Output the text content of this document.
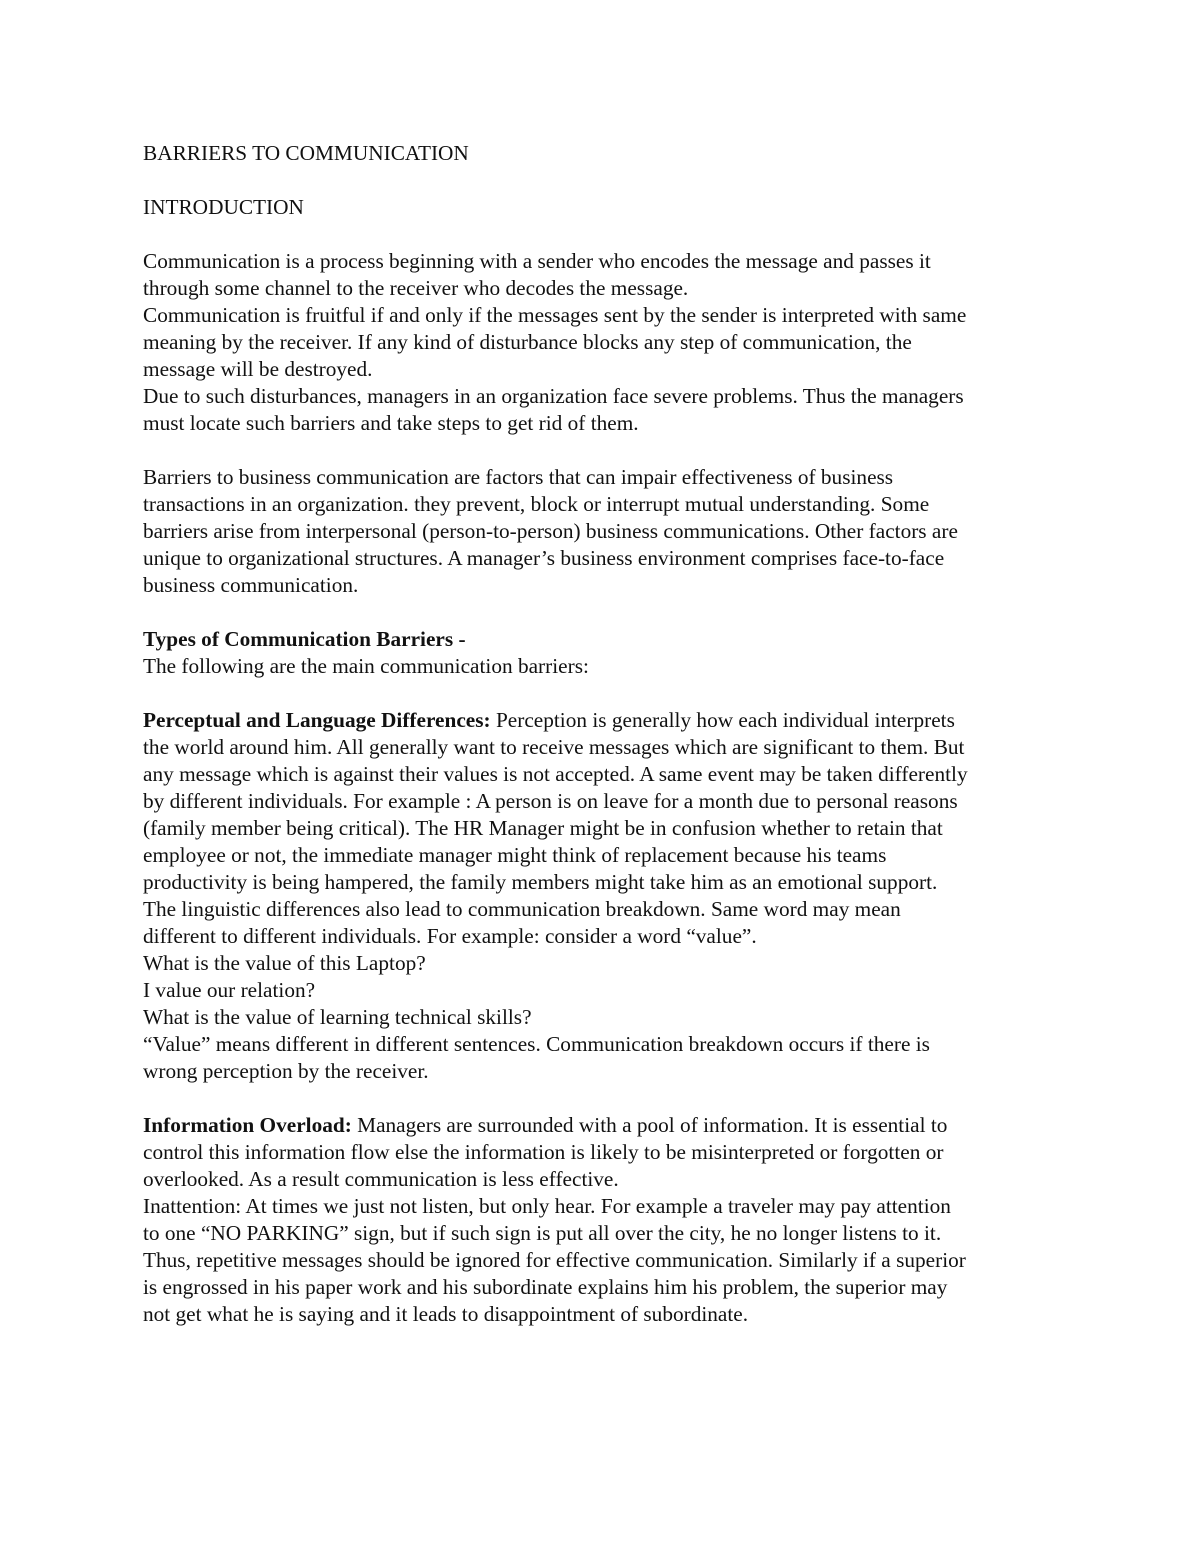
BARRIERS TO COMMUNICATION
INTRODUCTION
Communication is a process beginning with a sender who encodes the message and passes it
through some channel to the receiver who decodes the message.
Communication is fruitful if and only if the messages sent by the sender is interpreted with same
meaning by the receiver. If any kind of disturbance blocks any step of communication, the
message will be destroyed.
Due to such disturbances, managers in an organization face severe problems. Thus the managers
must locate such barriers and take steps to get rid of them.
Barriers to business communication are factors that can impair effectiveness of business
transactions in an organization. they prevent, block or interrupt mutual understanding. Some
barriers arise from interpersonal (person-to-person) business communications. Other factors are
unique to organizational structures. A manager’s business environment comprises face-to-face
business communication.
Types of Communication Barriers -
The following are the main communication barriers:
Perceptual and Language Differences: Perception is generally how each individual interprets
the world around him. All generally want to receive messages which are significant to them. But
any message which is against their values is not accepted. A same event may be taken differently
by different individuals. For example : A person is on leave for a month due to personal reasons
(family member being critical). The HR Manager might be in confusion whether to retain that
employee or not, the immediate manager might think of replacement because his teams
productivity is being hampered, the family members might take him as an emotional support.
The linguistic differences also lead to communication breakdown. Same word may mean
different to different individuals. For example: consider a word “value”.
What is the value of this Laptop?
I value our relation?
What is the value of learning technical skills?
“Value” means different in different sentences. Communication breakdown occurs if there is
wrong perception by the receiver.
Information Overload: Managers are surrounded with a pool of information. It is essential to
control this information flow else the information is likely to be misinterpreted or forgotten or
overlooked. As a result communication is less effective.
Inattention: At times we just not listen, but only hear. For example a traveler may pay attention
to one “NO PARKING” sign, but if such sign is put all over the city, he no longer listens to it.
Thus, repetitive messages should be ignored for effective communication. Similarly if a superior
is engrossed in his paper work and his subordinate explains him his problem, the superior may
not get what he is saying and it leads to disappointment of subordinate.
